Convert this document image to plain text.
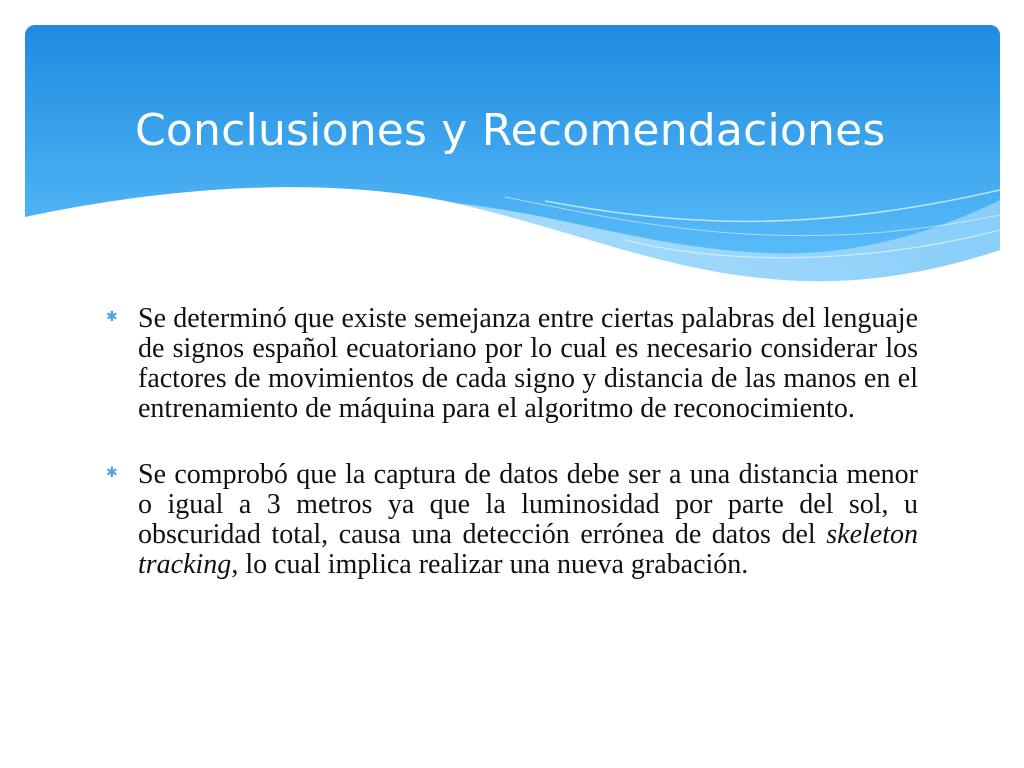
Conclusiones y Recomendaciones
✱ Se determinó que existe semejanza entre ciertas palabras del lenguaje de signos español ecuatoriano por lo cual es necesario considerar los factores de movimientos de cada signo y distancia de las manos en el entrenamiento de máquina para el algoritmo de reconocimiento.
✱ Se comprobó que la captura de datos debe ser a una distancia menor o igual a 3 metros ya que la luminosidad por parte del sol, u obscuridad total, causa una detección errónea de datos del skeleton tracking, lo cual implica realizar una nueva grabación.
